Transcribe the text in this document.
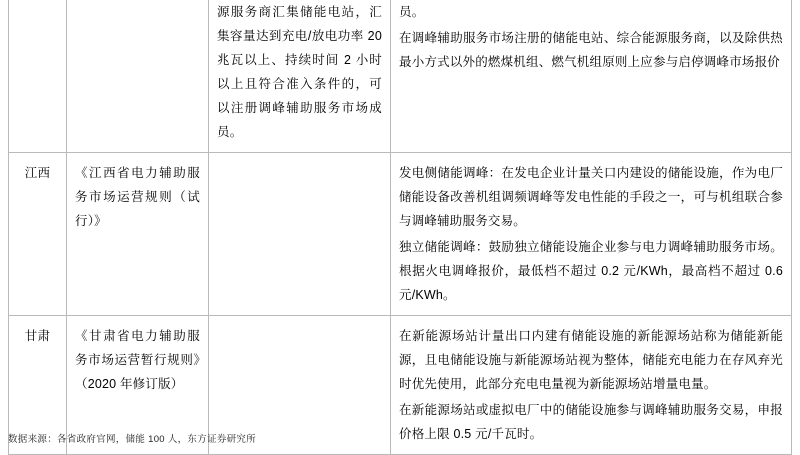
		源服务商汇集储能电站，汇集容量达到充电/放电功率 20 兆瓦以上、持续时间 2 小时以上且符合准入条件的，可以注册调峰辅助服务市场成员。	员。
在调峰辅助服务市场注册的储能电站、综合能源服务商，以及除供热最小方式以外的燃煤机组、燃气机组原则上应参与启停调峰市场报价

江西	《江西省电力辅助服务市场运营规则（试行）》		发电侧储能调峰：在发电企业计量关口内建设的储能设施，作为电厂储能设备改善机组调频调峰等发电性能的手段之一，可与机组联合参与调峰辅助服务交易。
独立储能调峰：鼓励独立储能设施企业参与电力调峰辅助服务市场。根据火电调峰报价，最低档不超过 0.2 元/KWh，最高档不超过 0.6 元/KWh。

甘肃	《甘肃省电力辅助服务市场运营暂行规则》（2020 年修订版）		在新能源场站计量出口内建有储能设施的新能源场站称为储能新能源，且电储能设施与新能源场站视为整体，储能充电能力在存风弃光时优先使用，此部分充电电量视为新能源场站增量电量。
在新能源场站或虚拟电厂中的储能设施参与调峰辅助服务交易，申报价格上限 0.5 元/千瓦时。
数据来源：各省政府官网，储能 100 人，东方证券研究所
